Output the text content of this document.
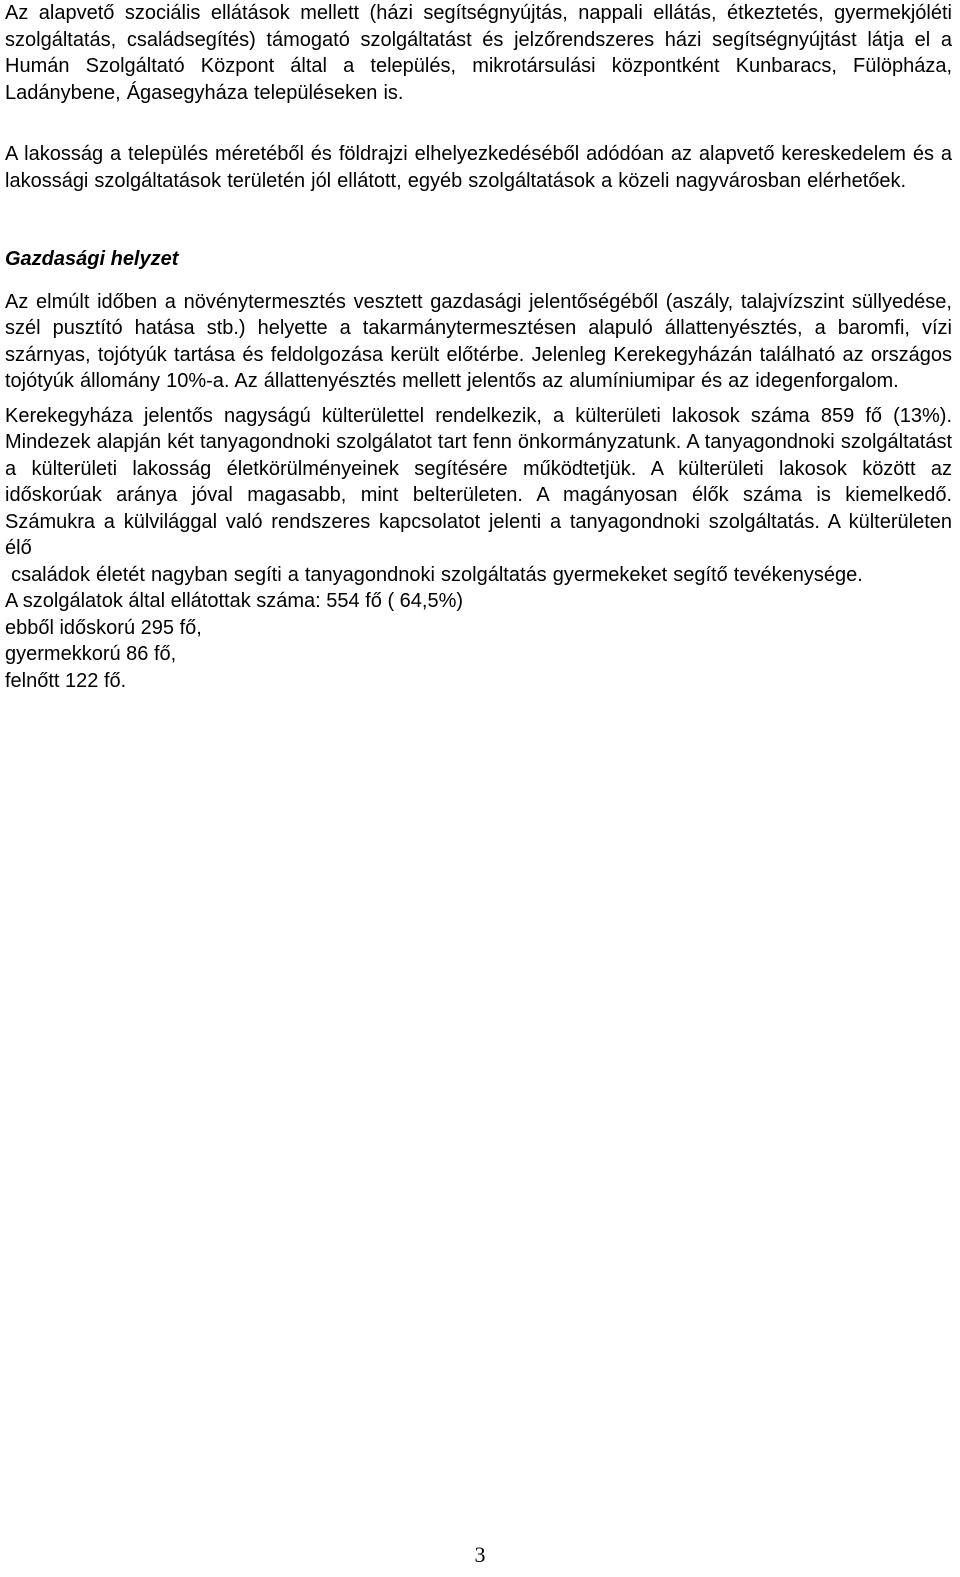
Az alapvető szociális ellátások mellett (házi segítségnyújtás, nappali ellátás, étkeztetés, gyermekjóléti szolgáltatás, családsegítés) támogató szolgáltatást és jelzőrendszeres házi segítségnyújtást látja el a Humán Szolgáltató Központ által a település, mikrotársulási központként Kunbaracs, Fülöpháza, Ladánybene, Ágasegyháza településeken is.

A lakosság a település méretéből és földrajzi elhelyezkedéséből adódóan az alapvető kereskedelem és a lakossági szolgáltatások területén jól ellátott, egyéb szolgáltatások a közeli nagyvárosban elérhetőek.

Gazdasági helyzet

Az elmúlt időben a növénytermesztés vesztett gazdasági jelentőségéből (aszály, talajvízszint süllyedése, szél pusztító hatása stb.) helyette a takarmánytermesztésen alapuló állattenyésztés, a baromfi, vízi szárnyas, tojótyúk tartása és feldolgozása került előtérbe. Jelenleg Kerekegyházán található az országos tojótyúk állomány 10%-a. Az állattenyésztés mellett jelentős az alumíniumipar és az idegenforgalom.

Kerekegyháza jelentős nagyságú külterülettel rendelkezik, a külterületi lakosok száma 859 fő (13%). Mindezek alapján két tanyagondnoki szolgálatot tart fenn önkormányzatunk. A tanyagondnoki szolgáltatást a külterületi lakosság életkörülményeinek segítésére működtetjük. A külterületi lakosok között az időskorúak aránya jóval magasabb, mint belterületen. A magányosan élők száma is kiemelkedő. Számukra a külvilággal való rendszeres kapcsolatot jelenti a tanyagondnoki szolgáltatás. A külterületen élő

családok életét nagyban segíti a tanyagondnoki szolgáltatás gyermekeket segítő tevékenysége.

A szolgálatok által ellátottak száma: 554 fő ( 64,5%)
ebből időskorú 295 fő,
gyermekkorú 86 fő,
felnőtt 122 fő.
3
